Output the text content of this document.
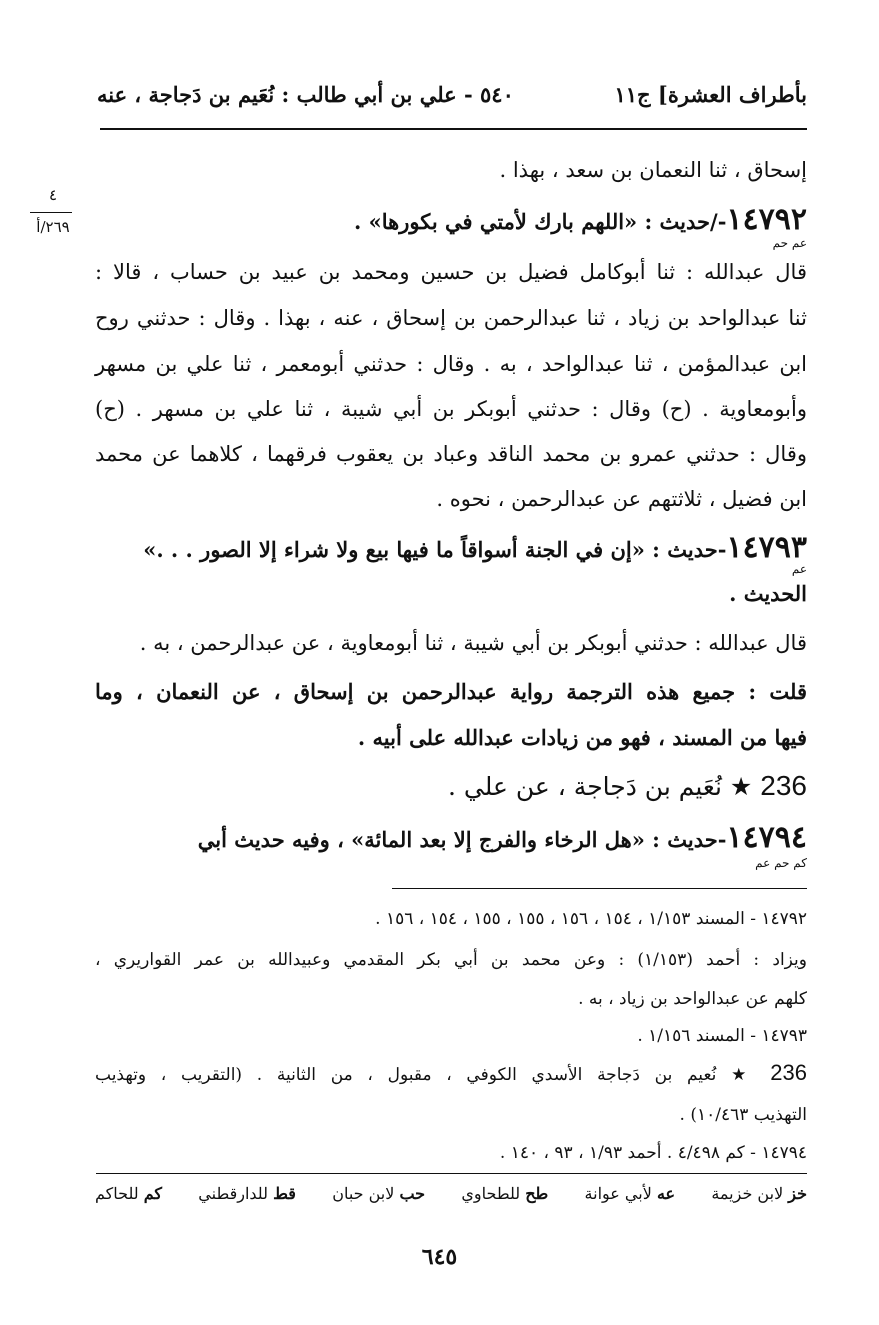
بأطراف العشرة] ج١١
٥٤٠ - علي بن أبي طالب : نُعَيم بن دَجاجة ، عنه
٤
٢٦٩/أ
إسحاق ، ثنا النعمان بن سعد ، بهذا .
١٤٧٩٢-/حديث : «اللهم بارك لأمتي في بكورها» .
عم حم
قال عبدالله : ثنا أبوكامل فضيل بن حسين ومحمد بن عبيد بن حساب ، قالا :
ثنا عبدالواحد بن زياد ، ثنا عبدالرحمن بن إسحاق ، عنه ، بهذا . وقال : حدثني روح
ابن عبدالمؤمن ، ثنا عبدالواحد ، به . وقال : حدثني أبومعمر ، ثنا علي بن مسهر
وأبومعاوية . (ح) وقال : حدثني أبوبكر بن أبي شيبة ، ثنا علي بن مسهر . (ح)
وقال : حدثني عمرو بن محمد الناقد وعباد بن يعقوب فرقهما ، كلاهما عن محمد
ابن فضيل ، ثلاثتهم عن عبدالرحمن ، نحوه .
١٤٧٩٣-حديث : «إن في الجنة أسواقاً ما فيها بيع ولا شراء إلا الصور . . .»
عم
الحديث .
قال عبدالله : حدثني أبوبكر بن أبي شيبة ، ثنا أبومعاوية ، عن عبدالرحمن ، به .
قلت : جميع هذه الترجمة رواية عبدالرحمن بن إسحاق ، عن النعمان ، وما
فيها من المسند ، فهو من زيادات عبدالله على أبيه .
236 ★ نُعَيم بن دَجاجة ، عن علي .
١٤٧٩٤-حديث : «هل الرخاء والفرج إلا بعد المائة» ، وفيه حديث أبي
كم حم عم
١٤٧٩٢ - المسند ١/١٥٣ ، ١٥٤ ، ١٥٦ ، ١٥٥ ، ١٥٥ ، ١٥٤ ، ١٥٦ .
ويزاد : أحمد (١/١٥٣) : وعن محمد بن أبي بكر المقدمي وعبيدالله بن عمر القواريري ،
كلهم عن عبدالواحد بن زياد ، به .
١٤٧٩٣ - المسند ١/١٥٦ .
236 ★ نُعيم بن دَجاجة الأسدي الكوفي ، مقبول ، من الثانية . (التقريب ، وتهذيب
التهذيب ١٠/٤٦٣) .
١٤٧٩٤ - كم ٤/٤٩٨ . أحمد ١/٩٣ ، ٩٣ ، ١٤٠ .
خز لابن خزيمة
عه لأبي عوانة
طح للطحاوي
حب لابن حبان
قط للدارقطني
كم للحاكم
٦٤٥
